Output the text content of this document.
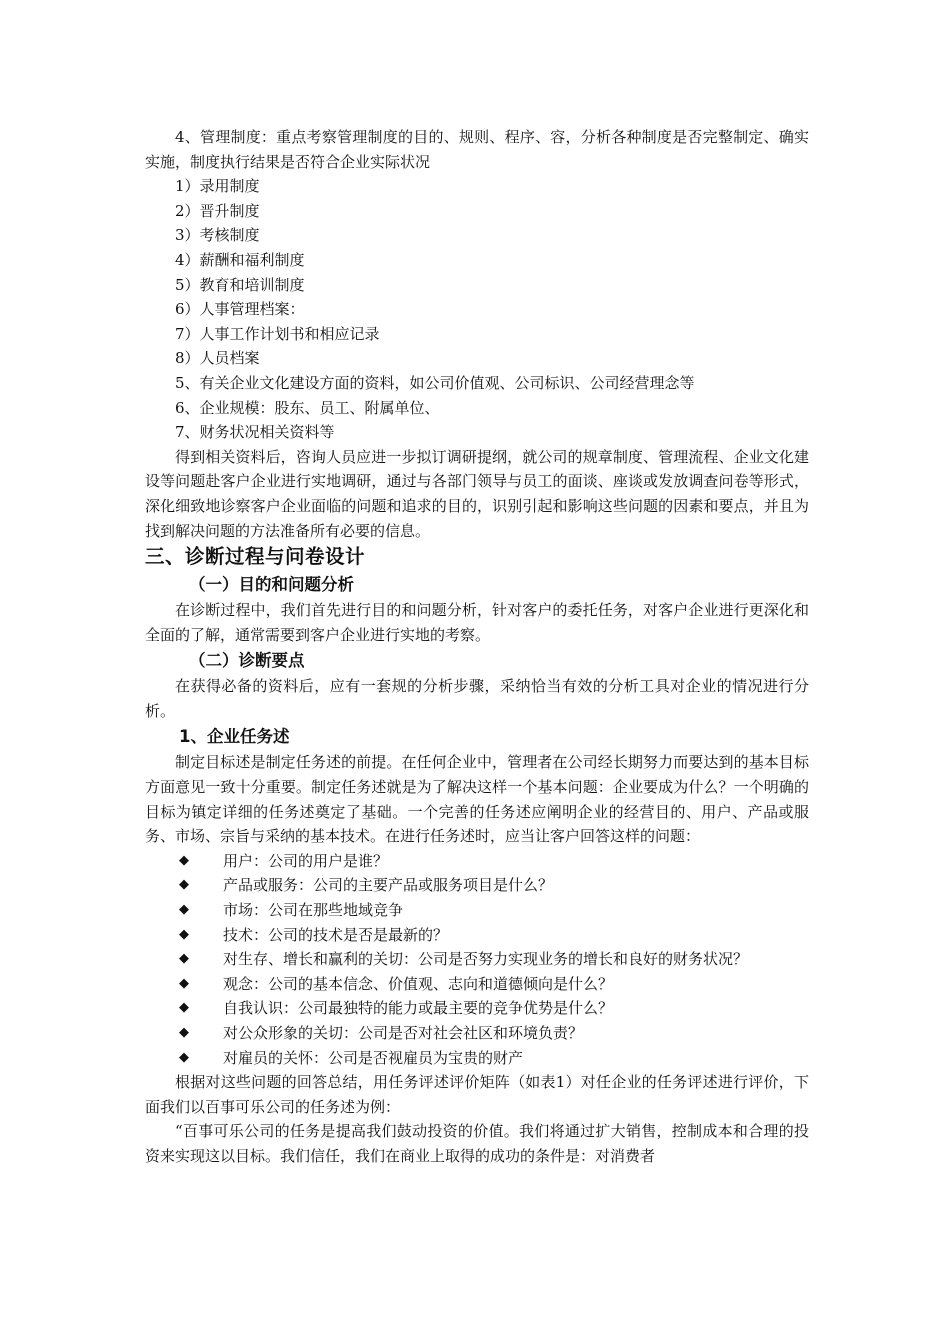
4、管理制度：重点考察管理制度的目的、规则、程序、容，分析各种制度是否完整制定、确实实施，制度执行结果是否符合企业实际状况

1）录用制度

2）晋升制度

3）考核制度

4）薪酬和福利制度

5）教育和培训制度

6）人事管理档案：

7）人事工作计划书和相应记录

8）人员档案

5、有关企业文化建设方面的资料，如公司价值观、公司标识、公司经营理念等

6、企业规模：股东、员工、附属单位、

7、财务状况相关资料等

得到相关资料后，咨询人员应进一步拟订调研提纲，就公司的规章制度、管理流程、企业文化建设等问题赴客户企业进行实地调研，通过与各部门领导与员工的面谈、座谈或发放调查问卷等形式，深化细致地诊察客户企业面临的问题和追求的目的，识别引起和影响这些问题的因素和要点，并且为找到解决问题的方法准备所有必要的信息。

三、诊断过程与问卷设计

（一）目的和问题分析

在诊断过程中，我们首先进行目的和问题分析，针对客户的委托任务，对客户企业进行更深化和全面的了解，通常需要到客户企业进行实地的考察。

（二）诊断要点

在获得必备的资料后，应有一套规的分析步骤，采纳恰当有效的分析工具对企业的情况进行分析。

1、企业任务述

制定目标述是制定任务述的前提。在任何企业中，管理者在公司经长期努力而要达到的基本目标方面意见一致十分重要。制定任务述就是为了解决这样一个基本问题：企业要成为什么？一个明确的目标为镇定详细的任务述奠定了基础。一个完善的任务述应阐明企业的经营目的、用户、产品或服务、市场、宗旨与采纳的基本技术。在进行任务述时，应当让客户回答这样的问题：

◆	用户：公司的用户是谁？

◆	产品或服务：公司的主要产品或服务项目是什么？

◆	市场：公司在那些地域竞争

◆	技术：公司的技术是否是最新的？

◆	对生存、增长和赢利的关切：公司是否努力实现业务的增长和良好的财务状况？

◆	观念：公司的基本信念、价值观、志向和道德倾向是什么？

◆	自我认识：公司最独特的能力或最主要的竞争优势是什么？

◆	对公众形象的关切：公司是否对社会社区和环境负责？

◆	对雇员的关怀：公司是否视雇员为宝贵的财产

根据对这些问题的回答总结，用任务评述评价矩阵（如表1）对任企业的任务评述进行评价，下面我们以百事可乐公司的任务述为例：

“百事可乐公司的任务是提高我们鼓动投资的价值。我们将通过扩大销售，控制成本和合理的投资来实现这以目标。我们信任，我们在商业上取得的成功的条件是：对消费者
